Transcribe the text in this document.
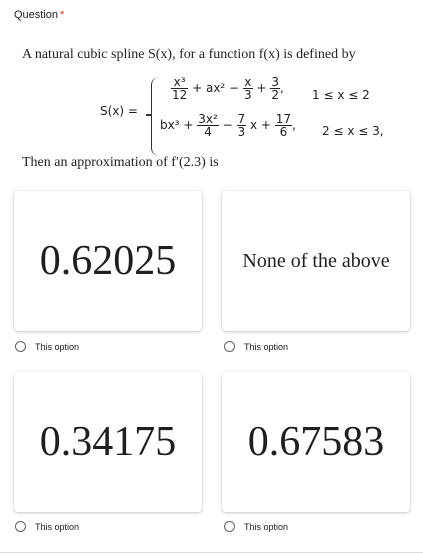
Question *
A natural cubic spline S(x), for a function f(x) is defined by
S(x) =
$\frac{\text{x³}}{12} + ax^2 - \frac{x}{3} + \frac{3}{2}$ , 1 ≤ x ≤ 2
$bx^3 + \frac{\text{3x²}}{4} - \frac{7}{3}$ $x + \frac{17}{6}$ , 2 ≤ x ≤ 3,
Then an approximation of f′(2.3) is
0.62025	None of the above
0.34175 0.67583
This option	This option
This option	This option
